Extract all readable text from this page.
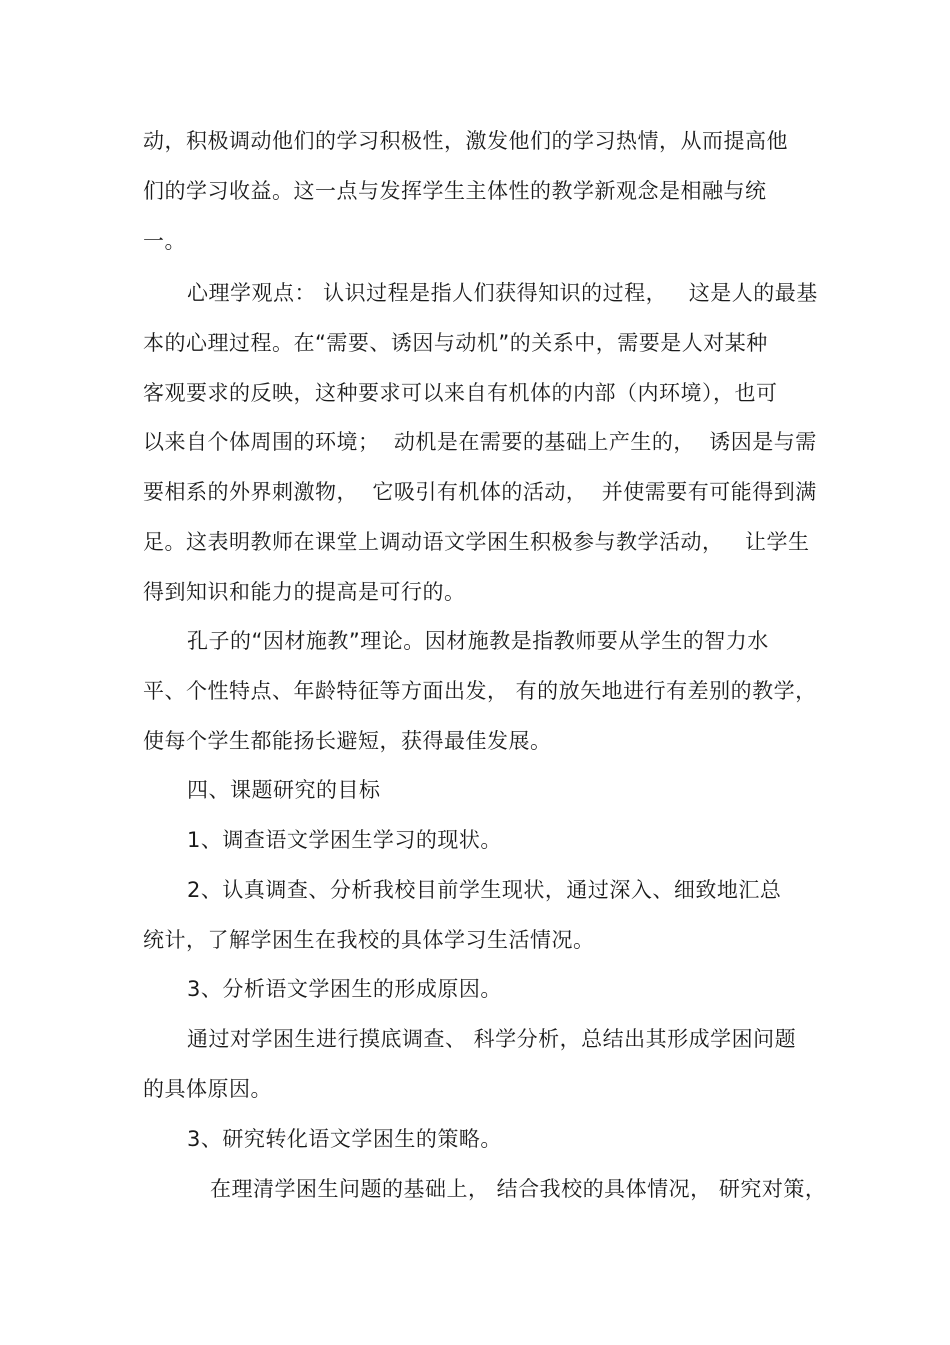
动，积极调动他们的学习积极性，激发他们的学习热情，从而提高他
们的学习收益。这一点与发挥学生主体性的教学新观念是相融与统
一。
心理学观点： 认识过程是指人们获得知识的过程，   这是人的最基
本的心理过程。在“需要、诱因与动机”的关系中，需要是人对某种
客观要求的反映，这种要求可以来自有机体的内部（内环境），也可
以来自个体周围的环境；  动机是在需要的基础上产生的，  诱因是与需
要相系的外界刺激物，  它吸引有机体的活动，  并使需要有可能得到满
足。这表明教师在课堂上调动语文学困生积极参与教学活动，   让学生
得到知识和能力的提高是可行的。
孔子的“因材施教”理论。因材施教是指教师要从学生的智力水
平、个性特点、年龄特征等方面出发， 有的放矢地进行有差别的教学，
使每个学生都能扬长避短，获得最佳发展。
四、课题研究的目标
1、调查语文学困生学习的现状。
2、认真调查、分析我校目前学生现状，通过深入、细致地汇总
统计，了解学困生在我校的具体学习生活情况。
3、分析语文学困生的形成原因。
通过对学困生进行摸底调查、 科学分析，总结出其形成学困问题
的具体原因。
3、研究转化语文学困生的策略。
在理清学困生问题的基础上， 结合我校的具体情况， 研究对策，
